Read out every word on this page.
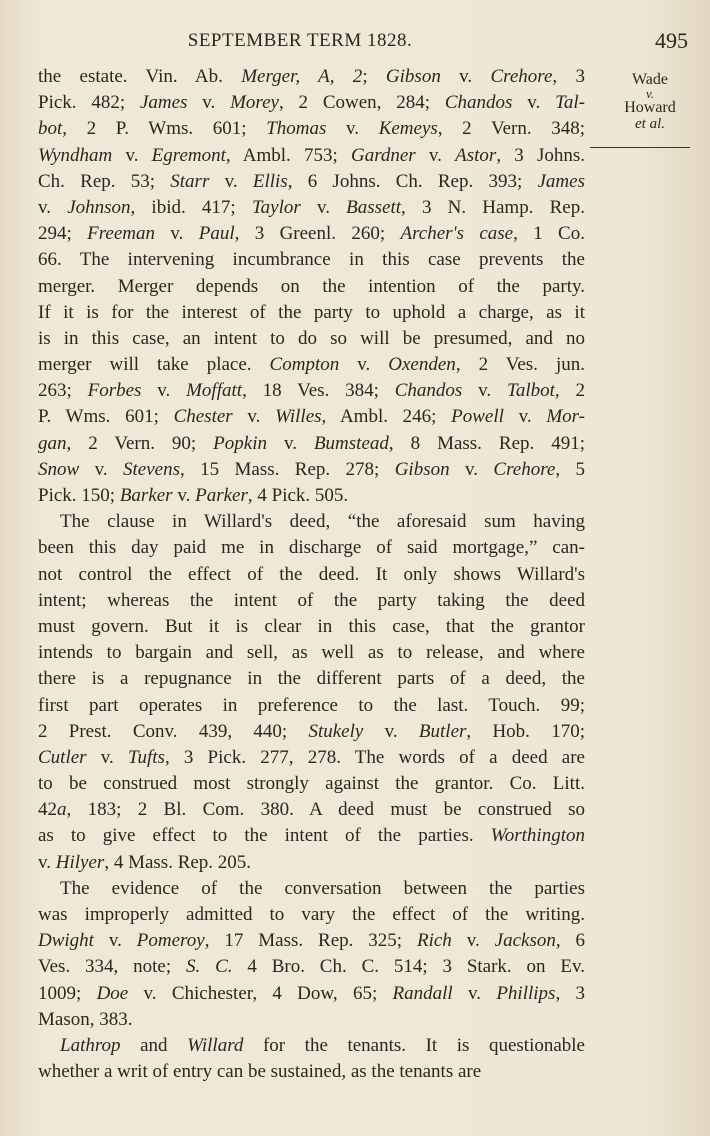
SEPTEMBER TERM 1828.	495
Wade
v.
Howard
et al.
the estate. Vin. Ab. Merger, A, 2; Gibson v. Crehore, 3
Pick. 482; James v. Morey, 2 Cowen, 284; Chandos v. Tal-
bot, 2 P. Wms. 601; Thomas v. Kemeys, 2 Vern. 348;
Wyndham v. Egremont, Ambl. 753; Gardner v. Astor, 3 Johns.
Ch. Rep. 53; Starr v. Ellis, 6 Johns. Ch. Rep. 393; James
v. Johnson, ibid. 417; Taylor v. Bassett, 3 N. Hamp. Rep.
294; Freeman v. Paul, 3 Greenl. 260; Archer's case, 1 Co.
66. The intervening incumbrance in this case prevents the
merger. Merger depends on the intention of the party.
If it is for the interest of the party to uphold a charge, as it
is in this case, an intent to do so will be presumed, and no
merger will take place. Compton v. Oxenden, 2 Ves. jun.
263; Forbes v. Moffatt, 18 Ves. 384; Chandos v. Talbot, 2
P. Wms. 601; Chester v. Willes, Ambl. 246; Powell v. Mor-
gan, 2 Vern. 90; Popkin v. Bumstead, 8 Mass. Rep. 491;
Snow v. Stevens, 15 Mass. Rep. 278; Gibson v. Crehore, 5
Pick. 150; Barker v. Parker, 4 Pick. 505.
The clause in Willard's deed, “the aforesaid sum having
been this day paid me in discharge of said mortgage,” can-
not control the effect of the deed. It only shows Willard's
intent; whereas the intent of the party taking the deed
must govern. But it is clear in this case, that the grantor
intends to bargain and sell, as well as to release, and where
there is a repugnance in the different parts of a deed, the
first part operates in preference to the last. Touch. 99;
2 Prest. Conv. 439, 440; Stukely v. Butler, Hob. 170;
Cutler v. Tufts, 3 Pick. 277, 278. The words of a deed are
to be construed most strongly against the grantor. Co. Litt.
42a, 183; 2 Bl. Com. 380. A deed must be construed so
as to give effect to the intent of the parties. Worthington
v. Hilyer, 4 Mass. Rep. 205.
The evidence of the conversation between the parties
was improperly admitted to vary the effect of the writing.
Dwight v. Pomeroy, 17 Mass. Rep. 325; Rich v. Jackson, 6
Ves. 334, note; S. C. 4 Bro. Ch. C. 514; 3 Stark. on Ev.
1009; Doe v. Chichester, 4 Dow, 65; Randall v. Phillips, 3
Mason, 383.
Lathrop and Willard for the tenants. It is questionable
whether a writ of entry can be sustained, as the tenants are
